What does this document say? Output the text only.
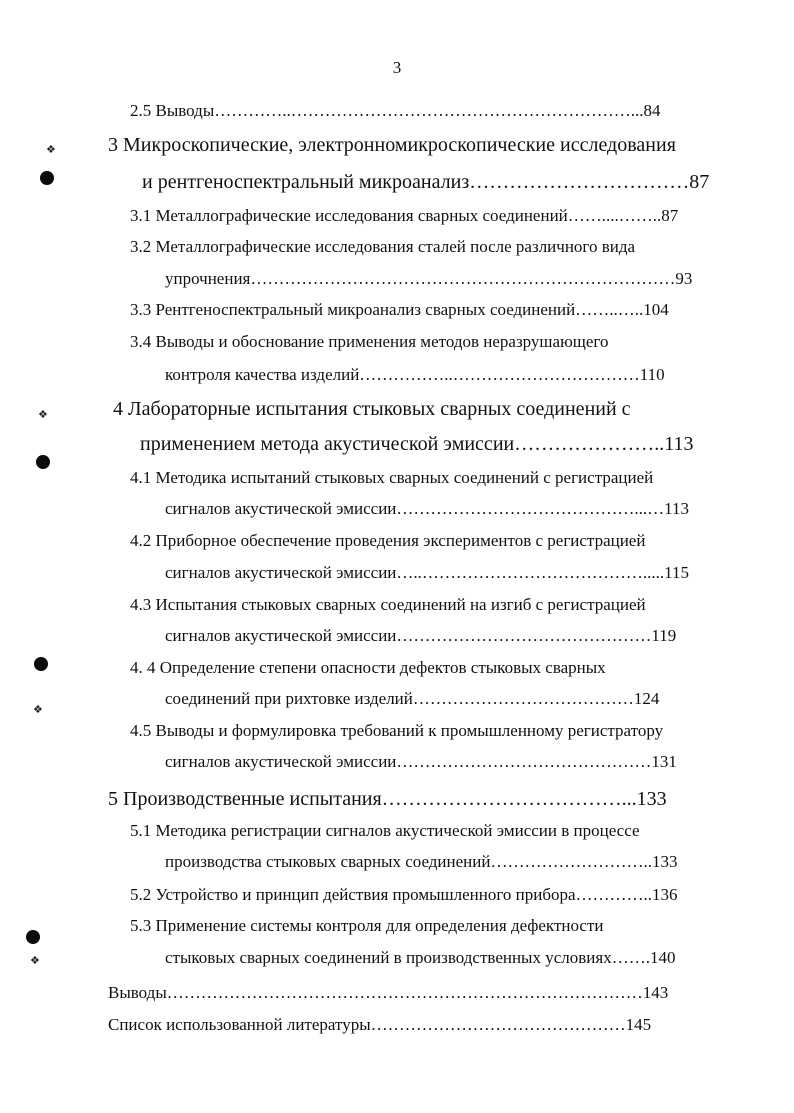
3
2.5 Выводы…………..……………………………………………………...84
3 Микроскопические, электронномикроскопические исследования
и рентгеноспектральный микроанализ……………………………87
3.1 Металлографические исследования сварных соединений……....……..87
3.2 Металлографические исследования сталей после различного вида
упрочнения…………………………………………………………………93
3.3 Рентгеноспектральный микроанализ сварных соединений……..…..104
3.4 Выводы и обоснование применения методов неразрушающего
контроля качества изделий……………..……………………………110
4 Лабораторные испытания стыковых сварных соединений с
применением метода акустической эмиссии…………………..113
4.1 Методика испытаний стыковых сварных соединений с регистрацией
сигналов акустической эмиссии……………………………………...…113
4.2 Приборное обеспечение проведения экспериментов с регистрацией
сигналов акустической эмиссии…..………………………………….....115
4.3 Испытания стыковых сварных соединений на изгиб с регистрацией
сигналов акустической эмиссии………………………………………119
4. 4 Определение степени опасности дефектов стыковых сварных
соединений при рихтовке изделий…………………………………124
4.5 Выводы и формулировка требований к промышленному регистратору
сигналов акустической эмиссии………………………………………131
5 Производственные испытания………………………………...133
5.1 Методика регистрации сигналов акустической эмиссии в процессе
производства стыковых сварных соединений………………………..133
5.2 Устройство и принцип действия промышленного прибора…………..136
5.3 Применение системы контроля для определения дефектности
стыковых сварных соединений в производственных условиях…….140
Выводы…………………………………………………………………………143
Список использованной литературы………………………………………145
❖
❖
❖
❖
